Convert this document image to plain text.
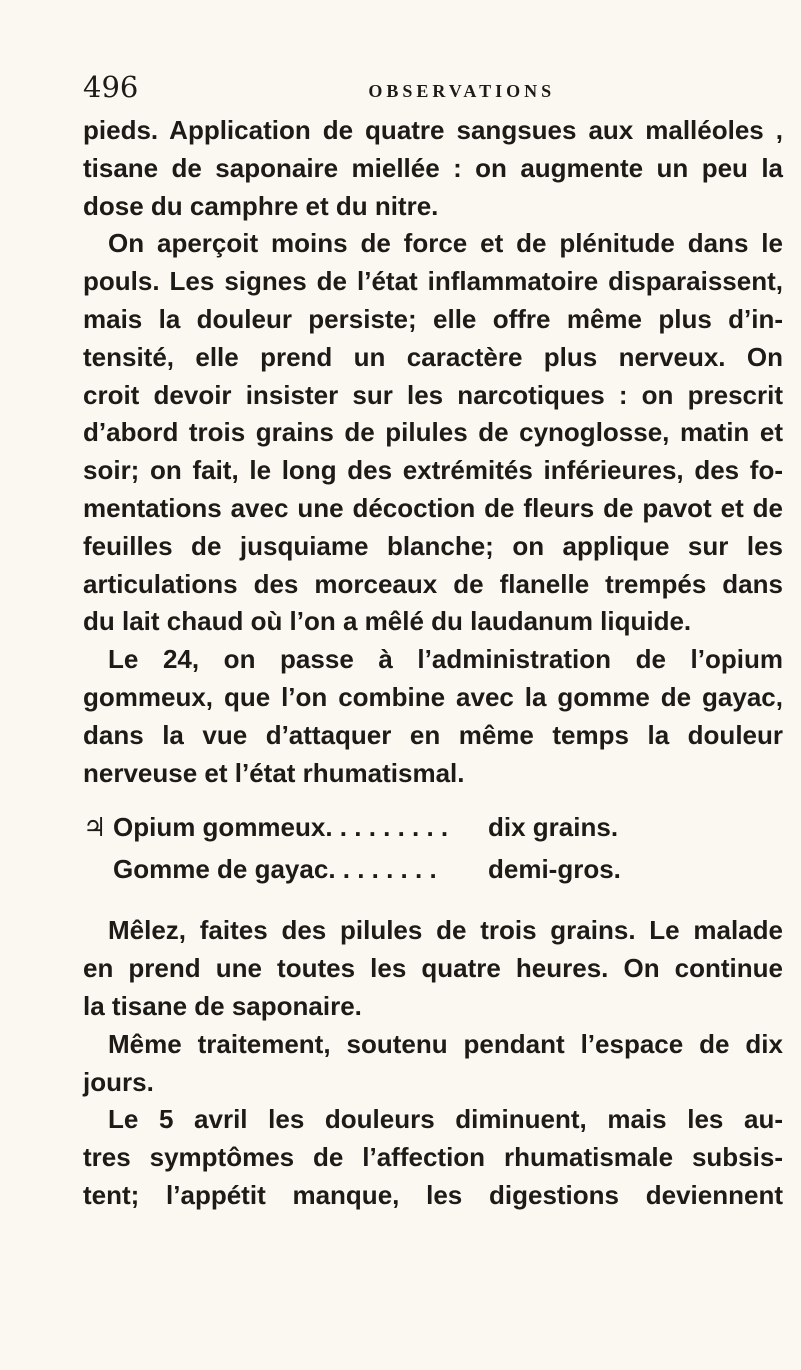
496	OBSERVATIONS
pieds. Application de quatre sangsues aux malléoles ,
tisane de saponaire miellée : on augmente un peu la
dose du camphre et du nitre.
On aperçoit moins de force et de plénitude dans le
pouls. Les signes de l’état inflammatoire disparaissent,
mais la douleur persiste; elle offre même plus d’in-
tensité, elle prend un caractère plus nerveux. On
croit devoir insister sur les narcotiques : on prescrit
d’abord trois grains de pilules de cynoglosse, matin et
soir; on fait, le long des extrémités inférieures, des fo-
mentations avec une décoction de fleurs de pavot et de
feuilles de jusquiame blanche; on applique sur les
articulations des morceaux de flanelle trempés dans
du lait chaud où l’on a mêlé du laudanum liquide.
Le 24, on passe à l’administration de l’opium
gommeux, que l’on combine avec la gomme de gayac,
dans la vue d’attaquer en même temps la douleur
nerveuse et l’état rhumatismal.
♃ Opium gommeux. . . . . . . . .	dix grains.
Gomme de gayac. . . . . . . .	demi-gros.
Mêlez, faites des pilules de trois grains. Le malade
en prend une toutes les quatre heures. On continue
la tisane de saponaire.
Même traitement, soutenu pendant l’espace de dix
jours.
Le 5 avril les douleurs diminuent, mais les au-
tres symptômes de l’affection rhumatismale subsis-
tent; l’appétit manque, les digestions deviennent
